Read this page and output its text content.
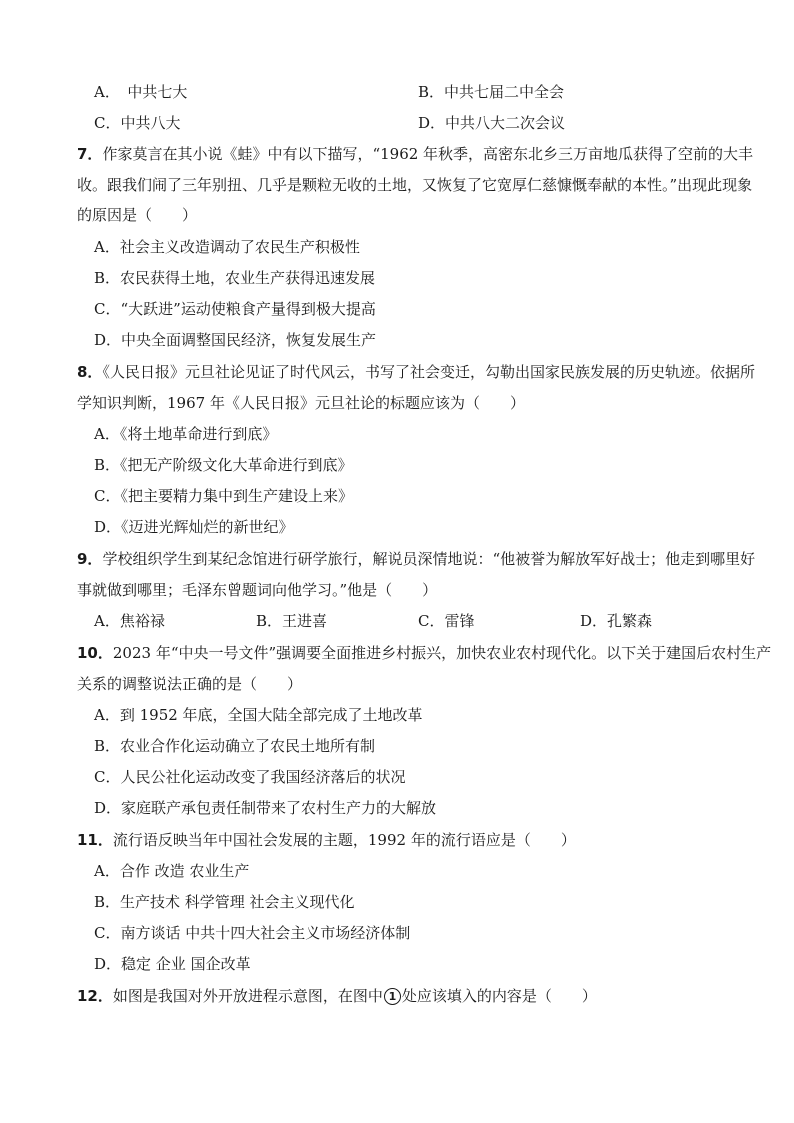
A．　中共七大	B．中共七届二中全会
C．中共八大	D．中共八大二次会议
7．作家莫言在其小说《蛙》中有以下描写，“1962 年秋季，高密东北乡三万亩地瓜获得了空前的大丰
收。跟我们闹了三年别扭、几乎是颗粒无收的土地，又恢复了它宽厚仁慈慷慨奉献的本性。”出现此现象
的原因是（　　）
A．社会主义改造调动了农民生产积极性
B．农民获得土地，农业生产获得迅速发展
C．“大跃进”运动使粮食产量得到极大提高
D．中央全面调整国民经济，恢复发展生产
8．《人民日报》元旦社论见证了时代风云，书写了社会变迁，勾勒出国家民族发展的历史轨迹。依据所
学知识判断，1967 年《人民日报》元旦社论的标题应该为（　　）
A．《将土地革命进行到底》
B．《把无产阶级文化大革命进行到底》
C．《把主要精力集中到生产建设上来》
D．《迈进光辉灿烂的新世纪》
9．学校组织学生到某纪念馆进行研学旅行，解说员深情地说：“他被誉为解放军好战士；他走到哪里好
事就做到哪里；毛泽东曾题词向他学习。”他是（　　）
A．焦裕禄	B．王进喜	C．雷锋	D．孔繁森
10．2023 年“中央一号文件”强调要全面推进乡村振兴，加快农业农村现代化。以下关于建国后农村生产
关系的调整说法正确的是（　　）
A．到 1952 年底，全国大陆全部完成了土地改革
B．农业合作化运动确立了农民土地所有制
C．人民公社化运动改变了我国经济落后的状况
D．家庭联产承包责任制带来了农村生产力的大解放
11．流行语反映当年中国社会发展的主题，1992 年的流行语应是（　　）
A．合作 改造 农业生产
B．生产技术 科学管理 社会主义现代化
C．南方谈话 中共十四大社会主义市场经济体制
D．稳定 企业 国企改革
12．如图是我国对外开放进程示意图，在图中 1 处应该填入的内容是（　　）
